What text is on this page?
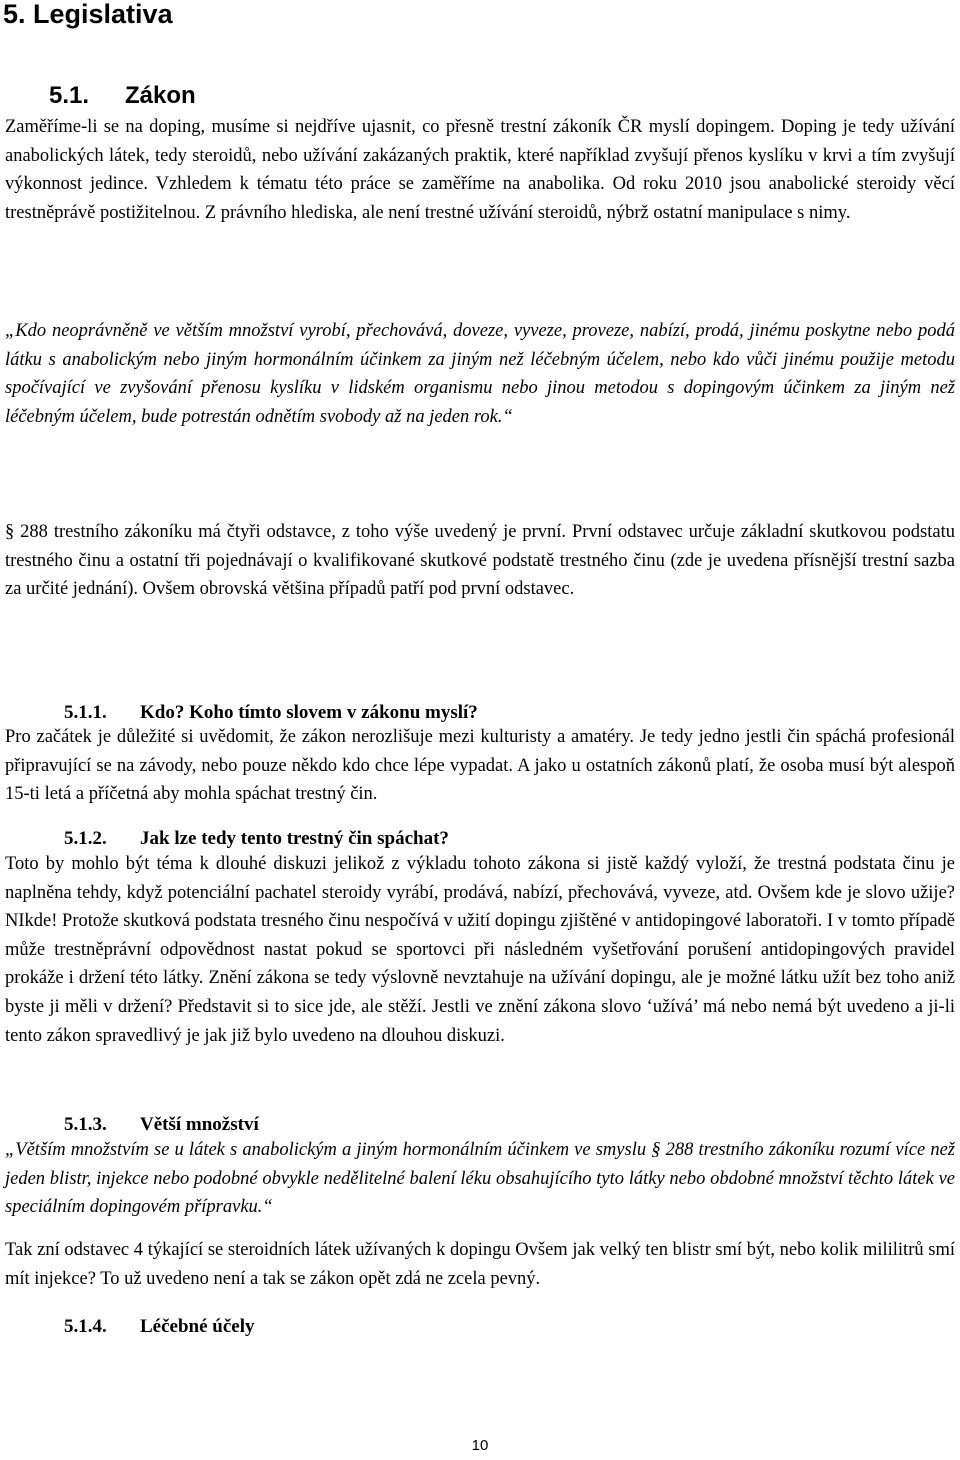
5. Legislativa
5.1. Zákon

Zaměříme-li se na doping, musíme si nejdříve ujasnit, co přesně trestní zákoník ČR myslí dopingem. Doping je tedy užívání anabolických látek, tedy steroidů, nebo užívání zakázaných praktik, které například zvyšují přenos kyslíku v krvi a tím zvyšují výkonnost jedince. Vzhledem k tématu této práce se zaměříme na anabolika. Od roku 2010 jsou anabolické steroidy věcí trestněprávě postižitelnou. Z právního hlediska, ale není trestné užívání steroidů, nýbrž ostatní manipulace s nimy.

„Kdo neoprávněně ve větším množství vyrobí, přechovává, doveze, vyveze, proveze, nabízí, prodá, jinému poskytne nebo podá látku s anabolickým nebo jiným hormonálním účinkem za jiným než léčebným účelem, nebo kdo vůči jinému použije metodu spočívající ve zvyšování přenosu kyslíku v lidském organismu nebo jinou metodou s dopingovým účinkem za jiným než léčebným účelem, bude potrestán odnětím svobody až na jeden rok.“

§ 288 trestního zákoníku má čtyři odstavce, z toho výše uvedený je první. První odstavec určuje základní skutkovou podstatu trestného činu a ostatní tři pojednávají o kvalifikované skutkové podstatě trestného činu (zde je uvedena přísnější trestní sazba za určité jednání). Ovšem obrovská většina případů patří pod první odstavec.

5.1.1. Kdo? Koho tímto slovem v zákonu myslí?

Pro začátek je důležité si uvědomit, že zákon nerozlišuje mezi kulturisty a amatéry. Je tedy jedno jestli čin spáchá profesionál připravující se na závody, nebo pouze někdo kdo chce lépe vypadat. A jako u ostatních zákonů platí, že osoba musí být alespoň 15-ti letá a příčetná aby mohla spáchat trestný čin.

5.1.2. Jak lze tedy tento trestný čin spáchat?

Toto by mohlo být téma k dlouhé diskuzi jelikož z výkladu tohoto zákona si jistě každý vyloží, že trestná podstata činu je naplněna tehdy, když potenciální pachatel steroidy vyrábí, prodává, nabízí, přechovává, vyveze, atd. Ovšem kde je slovo užije? NIkde! Protože skutková podstata tresného činu nespočívá v užití dopingu zjištěné v antidopingové laboratoři. I v tomto případě může trestněprávní odpovědnost nastat pokud se sportovci při následném vyšetřování porušení antidopingových pravidel prokáže i držení této látky. Znění zákona se tedy výslovně nevztahuje na užívání dopingu, ale je možné látku užít bez toho aniž byste ji měli v držení? Představit si to sice jde, ale stěží. Jestli ve znění zákona slovo ‘užívá’ má nebo nemá být uvedeno a ji-li tento zákon spravedlivý je jak již bylo uvedeno na dlouhou diskuzi.

5.1.3. Větší množství

„Větším množstvím se u látek s anabolickým a jiným hormonálním účinkem ve smyslu § 288 trestního zákoníku rozumí více než jeden blistr, injekce nebo podobné obvykle nedělitelné balení léku obsahujícího tyto látky nebo obdobné množství těchto látek ve speciálním dopingovém přípravku.“

Tak zní odstavec 4 týkající se steroidních látek užívaných k dopingu Ovšem jak velký ten blistr smí být, nebo kolik mililitrů smí mít injekce? To už uvedeno není a tak se zákon opět zdá ne zcela pevný.

5.1.4. Léčebné účely
10
